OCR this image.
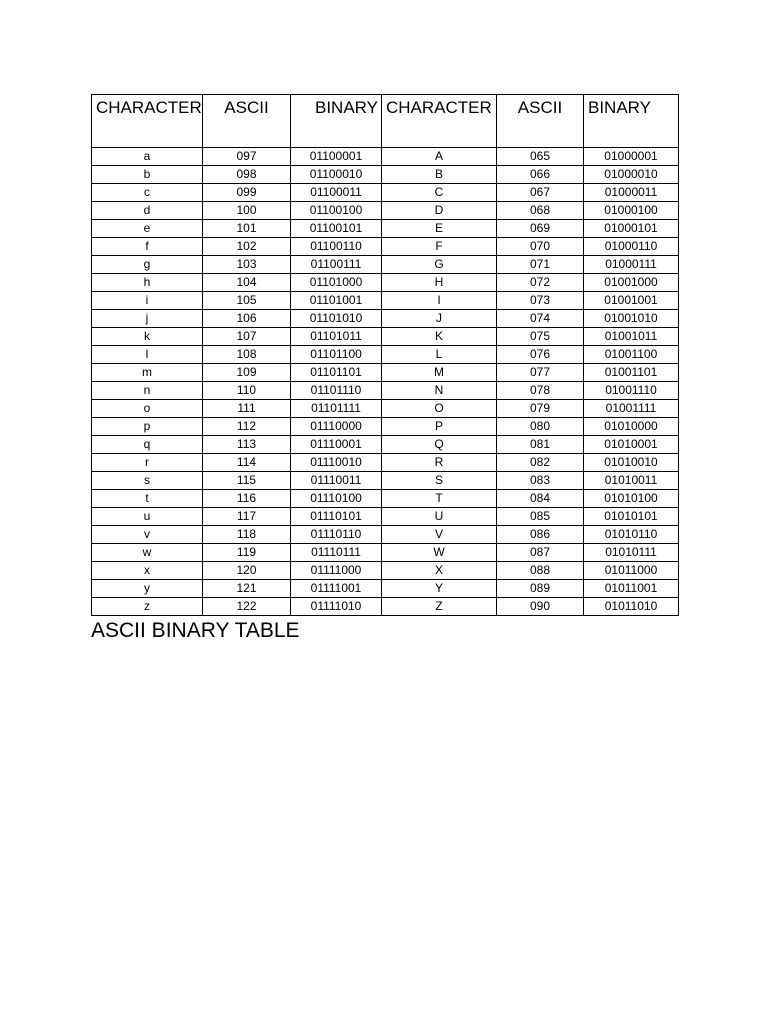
CHARACTER	ASCII	BINARY	CHARACTER	ASCII	BINARY
a	097	01100001	A	065	01000001
b	098	01100010	B	066	01000010
c	099	01100011	C	067	01000011
d	100	01100100	D	068	01000100
e	101	01100101	E	069	01000101
f	102	01100110	F	070	01000110
g	103	01100111	G	071	01000111
h	104	01101000	H	072	01001000
i	105	01101001	I	073	01001001
j	106	01101010	J	074	01001010
k	107	01101011	K	075	01001011
l	108	01101100	L	076	01001100
m	109	01101101	M	077	01001101
n	110	01101110	N	078	01001110
o	111	01101111	O	079	01001111
p	112	01110000	P	080	01010000
q	113	01110001	Q	081	01010001
r	114	01110010	R	082	01010010
s	115	01110011	S	083	01010011
t	116	01110100	T	084	01010100
u	117	01110101	U	085	01010101
v	118	01110110	V	086	01010110
w	119	01110111	W	087	01010111
x	120	01111000	X	088	01011000
y	121	01111001	Y	089	01011001
z	122	01111010	Z	090	01011010

ASCII BINARY TABLE
